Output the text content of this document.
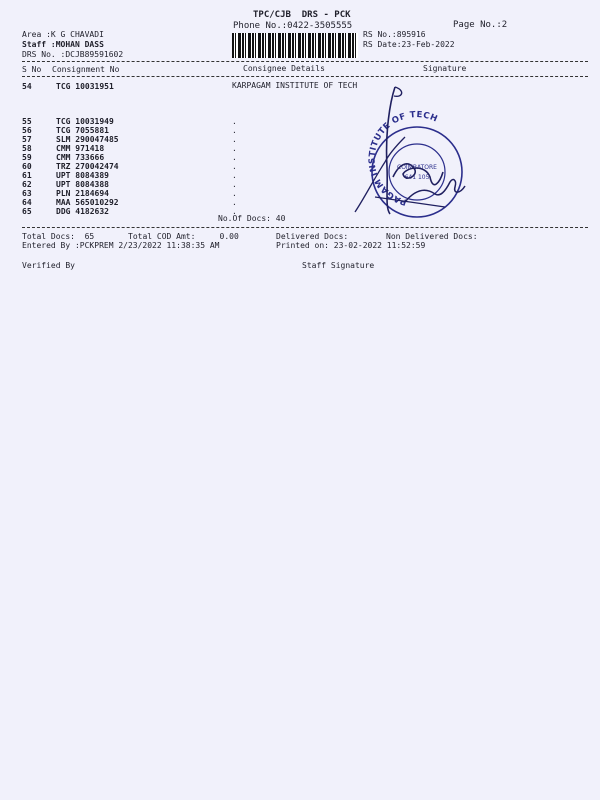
TPC/CJB  DRS - PCK
Phone No.:0422-3505555	Page No.:2
Area :K G CHAVADI
Staff :MOHAN DASS
DRS No. :DCJB89591602
RS No.:895916
RS Date:23-Feb-2022
S No Consignment No	Consignee Details	Signature
54	TCG 10031951	KARPAGAM INSTITUTE OF TECH
55	TCG 10031949	.
56	TCG 7055881	.
57	SLM 290047485	.
58	CMM 971418	.
59	CMM 733666	.
60	TRZ 270042474	.
61	UPT 8084389	.
62	UPT 8084388	.
63	PLN 2184694	.
64	MAA 565010292	.
65	DDG 4182632	.
No.Of Docs: 40
PAGAM INSTITUTE OF TECH
COIMBATORE
641 105
Total Docs:  65	Total COD Amt:     0.00	Delivered Docs:	Non Delivered Docs:
Entered By :PCKPREM 2/23/2022 11:38:35 AM	Printed on: 23-02-2022 11:52:59
Verified By	Staff Signature
